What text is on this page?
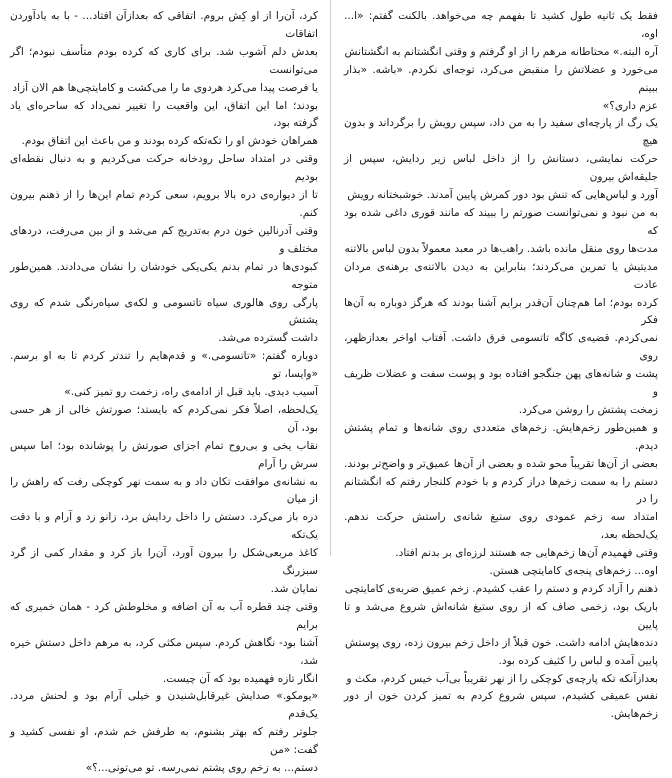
کرد، آن‌را از او کِش بروم. اتفاقی که بعدازآن افتاد... - با به یادآوردن اتفاقات
بعدش دلم آشوب شد. برای کاری که کرده بودم متأسف نبودم؛ اگر می‌توانست
یا فرصت پیدا می‌کرد هردوی ما را می‌کشت و کامایتچی‌ها هم الان آزاد
بودند؛ اما این اتفاق، این واقعیت را تغییر نمی‌داد که ساحره‌ای یاد گرفته بود،
همراهان خودش او را تکه‌تکه کرده بودند و من باعث این اتفاق بودم.

وقتی در امتداد ساحل رودخانه حرکت می‌کردیم و به دنبال نقطه‌ای بودیم
تا از دیواره‌ی دره بالا برویم، سعی کردم تمام این‌ها را از ذهنم بیرون کنم.

وقتی آدرنالین خون درم به‌تدریج کم می‌شد و از بین می‌رفت، دردهای مختلف و
کبودی‌ها در تمام بدنم یکی‌یکی خودشان را نشان می‌دادند. همین‌طور متوجه
پارگی روی هالوری سیاه تاتسومی و لکه‌ی سیاه‌رنگی شدم که روی پشتش
داشت گسترده می‌شد.

دوباره گفتم: «تاتسومی.» و قدم‌هایم را تندتر کردم تا به او برسم. «وایسا، تو
آسیب دیدی. باید قبل از ادامه‌ی راه، زخمت رو تمیز کنی.»

یک‌لحظه، اصلاً فکر نمی‌کردم که بایستد؛ صورتش خالی از هر حسی بود، آن
نقاب یخی و بی‌روح تمام اجزای صورتش را پوشانده بود؛ اما سپس سرش را آرام
به نشانه‌ی موافقت تکان داد و به سمت نهر کوچکی رفت که راهش را از میان
دره باز می‌کرد. دستش را داخل ردایش برد، زانو زد و آرام و با دقت یک‌تکه
کاغذ مربعی‌شکل را بیرون آورد، آن‌را باز کرد و مقدار کمی از گرد سبزرنگ
نمایان شد.

وقتی چند قطره آب به آن اضافه و مخلوطش کرد - همان خمیری که برایم
آشنا بود- نگاهش کردم. سپس مکثی کرد، به مرهم داخل دستش خیره شد،
انگار تازه فهمیده بود که آن چیست.

«یومکو.» صدایش غیرقابل‌شنیدن و خیلی آرام بود و لحنش مردد. یک‌قدم
جلوتر رفتم که بهتر بشنوم، به طرفش خم شدم، او نفسی کشید و گفت: «من
دستم... به زخم روی پشتم نمی‌رسه. تو می‌تونی...؟»

فقط یک ثانیه طول کشید تا بفهمم چه می‌خواهد. بالکنت گفتم: «ا... اوه،
آره البته.» محتاطانه مرهم را از او گرفتم و وقتی انگشتانم به انگشتانش
می‌خورد و عضلاتش را منقبض می‌کرد، توجه‌ای نکردم. «باشه. «بذار ببینم
عزم داری؟»

یک رگ از پارچه‌ای سفید را به من داد، سپس رویش را برگرداند و بدون هیچ
حرکت نمایشی، دستانش را از داخل لباس زیر ردایش، سپس از جلیقه‌اش بیرون
آورد و لباس‌هایی که تنش بود دور کمرش پایین آمدند. خوشبختانه رویش
به من نبود و نمی‌توانست صورتم را ببیند که مانند قوری داغی شده بود که
مدت‌ها روی منقل مانده باشد. راهب‌ها در معبد معمولاً بدون لباس بالاتنه
مدیتیش یا تمرین می‌کردند؛ بنابراین به دیدن بالاتنه‌ی برهنه‌ی مردان عادت
کرده بودم؛ اما هم‌چنان آن‌قدر برایم آشنا بودند که هرگز دوباره به آن‌ها فکر
نمی‌کردم. قضیه‌ی کاگه تاتسومی فرق داشت. آفتاب اواخر بعدازظهر، روی
پشت و شانه‌های پهن جنگجو افتاده بود و پوست سفت و عضلات ظریف و
زمخت پشتش را روشن می‌کرد.

و همین‌طور زخم‌هایش. زخم‌های متعددی روی شانه‌ها و تمام پشتش دیدم.
بعضی از آن‌ها تقریباً محو شده و بعضی از آن‌ها عمیق‌تر و واضح‌تر بودند.
دستم را به سمت زخم‌ها دراز کردم و با خودم کلنجار رفتم که انگشتانم را در
امتداد سه زخم عمودی روی ستیغ شانه‌ی راستش حرکت ندهم. یک‌لحظه بعد،
وقتی فهمیدم آن‌ها زخم‌هایی جه هستند لرزه‌ای بر بدنم افتاد.

اوه... زخم‌های پنجه‌ی کامایتچی هستن.

ذهنم را آزاد کردم و دستم را عقب کشیدم. زخم عمیق ضربه‌ی کامایتچی
باریک بود، زخمی صاف که از روی ستیغ شانه‌اش شروع می‌شد و تا پایین
دنده‌هایش ادامه داشت. خون قبلاً از داخل زخم بیرون زده، روی پوستش
پایین آمده و لباس را کثیف کرده بود.

بعدازآنکه تکه پارچه‌ی کوچکی را از نهر تقریباً بی‌آب خیس کردم، مکث و
نفس عمیقی کشیدم، سپس شروع کردم به تمیز کردن خون از دور زخم‌هایش.
